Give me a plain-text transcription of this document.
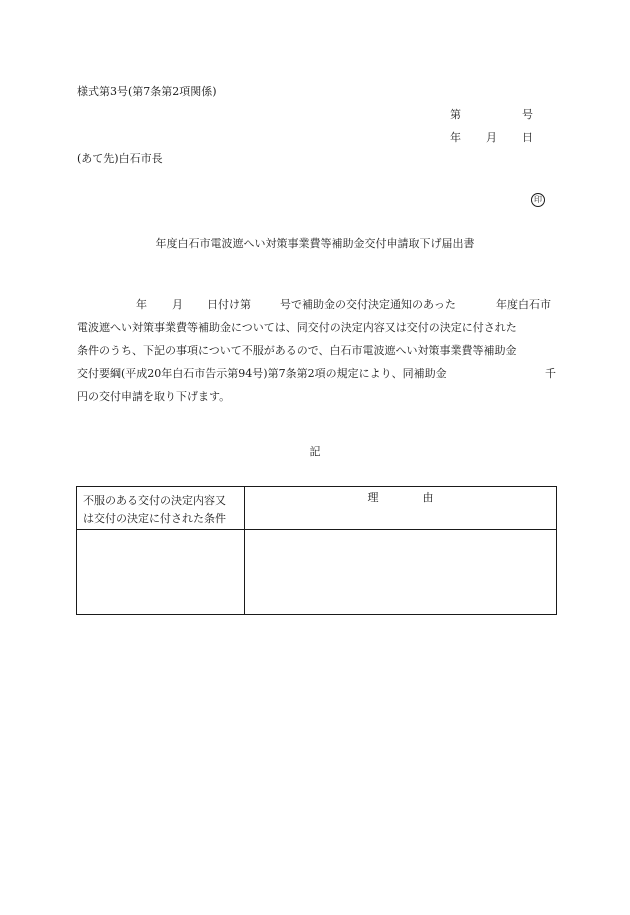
様式第3号(第7条第2項関係)
第	号
年 月 日
(あて先)白石市長
印
年度白石市電波遮へい対策事業費等補助金交付申請取下げ届出書
年 月 日付け第	号で補助金の交付決定通知のあった	年度白石市
電波遮へい対策事業費等補助金については、同交付の決定内容又は交付の決定に付された
条件のうち、下記の事項について不服があるので、白石市電波遮へい対策事業費等補助金
交付要綱(平成20年白石市告示第94号)第7条第2項の規定により、同補助金	千
円の交付申請を取り下げます。
記
不服のある交付の決定内容又
は交付の決定に付された条件	理　　　　由
